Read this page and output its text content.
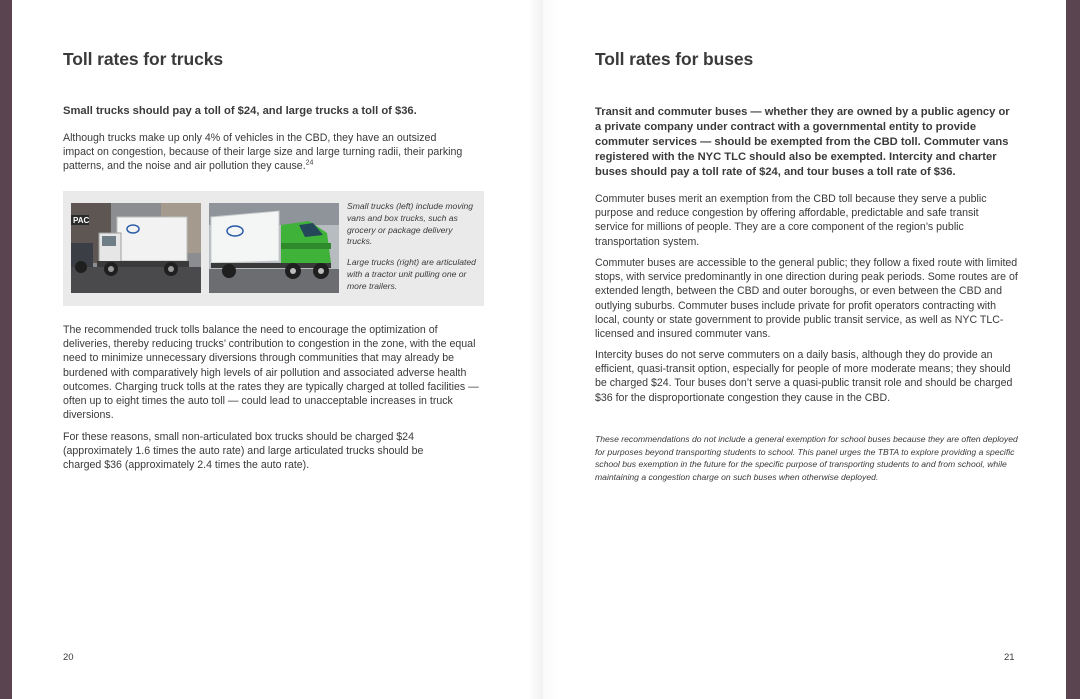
Toll rates for trucks

Small trucks should pay a toll of $24, and large trucks a toll of $36.

Although trucks make up only 4% of vehicles in the CBD, they have an outsized impact on congestion, because of their large size and large turning radii, their parking patterns, and the noise and air pollution they cause.$^{24}$

PAC

Small trucks (left) include moving vans and box trucks, such as grocery or package delivery trucks.

Large trucks (right) are articulated with a tractor unit pulling one or more trailers.

The recommended truck tolls balance the need to encourage the optimization of deliveries, thereby reducing trucks’ contribution to congestion in the zone, with the equal need to minimize unnecessary diversions through communities that may already be burdened with comparatively high levels of air pollution and associated adverse health outcomes. Charging truck tolls at the rates they are typically charged at tolled facilities — often up to eight times the auto toll — could lead to unacceptable increases in truck diversions.

For these reasons, small non-articulated box trucks should be charged $24 (approximately 1.6 times the auto rate) and large articulated trucks should be charged $36 (approximately 2.4 times the auto rate).

20

Toll rates for buses

Transit and commuter buses — whether they are owned by a public agency or a private company under contract with a governmental entity to provide commuter services — should be exempted from the CBD toll. Commuter vans registered with the NYC TLC should also be exempted. Intercity and charter buses should pay a toll rate of $24, and tour buses a toll rate of $36.

Commuter buses merit an exemption from the CBD toll because they serve a public purpose and reduce congestion by offering affordable, predictable and safe transit service for millions of people. They are a core component of the region’s public transportation system.

Commuter buses are accessible to the general public; they follow a fixed route with limited stops, with service predominantly in one direction during peak periods. Some routes are of extended length, between the CBD and outer boroughs, or even between the CBD and outlying suburbs. Commuter buses include private for profit operators contracting with local, county or state government to provide public transit service, as well as NYC TLC-licensed and insured commuter vans.

Intercity buses do not serve commuters on a daily basis, although they do provide an efficient, quasi-transit option, especially for people of more moderate means; they should be charged $24. Tour buses don’t serve a quasi-public transit role and should be charged $36 for the disproportionate congestion they cause in the CBD.

These recommendations do not include a general exemption for school buses because they are often deployed for purposes beyond transporting students to school. This panel urges the TBTA to explore providing a specific school bus exemption in the future for the specific purpose of transporting students to and from school, while maintaining a congestion charge on such buses when otherwise deployed.

21
